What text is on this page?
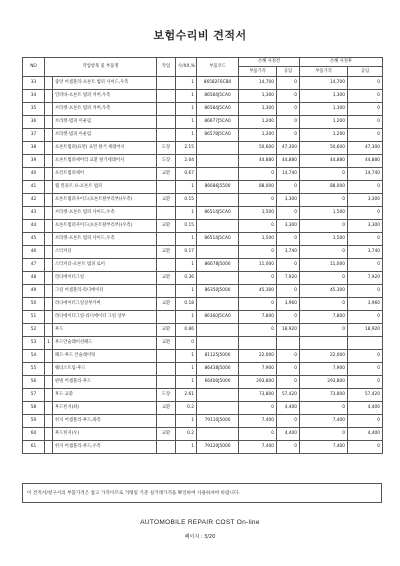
보험수리비 견적서
NO	작업항목 및 부품명		작업	수/XX,%	부품코드	손해 사정전		손해 사정후	
						부품가격	공임	부품가격	공임
33		중앙 어셈블리-프론트 범퍼 사이드,우측		1	86582F6CB0	14,700	0	14,700	0
34		일러바-프론트 범퍼 커버,우측		1	86584J5CA0	1,300	0	1,300	0
35		브라켓-프론트 범퍼 커버,우측		1	86584J5CA0	1,300	0	1,300	0
36		브라켓-범퍼 이운럼		1	86677J5CA0	1,200	0	1,200	0
37		브라켓-범퍼 이운럼		1	86578J5CA0	1,200	0	1,200	0
38		프론트범퍼(표면) 표면 탈거 세레어서	도장	2.15		50,600	47,300	50,600	47,300
39		프론트범퍼세어리 교환 탈거세레어서	도장	2.04		44,880	44,880	44,880	44,880
40		프런트범퍼세어	교환	0.67		0	14,740	0	14,740
41		랩 윈플트 프-프론트 범퍼		1	86686J5500	88,000	0	88,000	0
42		프론트범퍼사이드(프론트탈부리부)(우측)	교환	0.15		0	3,300	0	3,300
43		브라켓-프론트 범퍼 사이드,우측		1	86514J5CA0	1,500	0	1,500	0
44		프론트범퍼사이드(프론트탈부리부)(우측)	교환	0.15		0	3,300	0	3,300
45		브라켓-프론트 범퍼 사이드,우측		1	86514J5CA0	1,500	0	1,500	0
46		스티커더	교환	0.17		0	3,740	0	3,740
47		스티커더-프론트 범퍼 로어		1	86678J5000	11,000	0	11,000	0
48		라디에이터그릴	교환	0.36		0	7,920	0	7,920
49		그릴 어셈블리-라디에이터		1	86350J5000	45,300	0	45,300	0
50		라디에이터그릴상부카버	교환	0.18		0	3,960	0	3,960
51		라디에이터그릴-라디에이터 그릴 상부		1	86360J5CA0	7,800	0	7,800	0
52		후드	교환	0.86		0	18,920	0	18,920
53	1	후드안슐레이션패드	교환	0					
54		패드-후드 안슐레이팅		1	81125J5000	22,000	0	22,000	0
55		웨더스트립-후드		1	86438J5000	7,900	0	7,900	0
56		판넬 어셈블리-후드		1	66400J5000	293,800	0	293,800	0
57		후드 교환	도장	2.61		73,800	57,420	73,800	57,420
58		후드힌지(좌)	교환	0.2		0	4,400	0	4,400
59		힌지 어셈블리-후드,좌측		1	79110J5000	7,400	0	7,400	0
60		후드힌지(우)	교환	0.2		0	4,400	0	4,400
61		힌지 어셈블리-후드,우측		1	79120J5000	7,400	0	7,400	0
이 견적서/청구서의 부품가격은 참고 가격이므로 거래일 기준 실거래가격을 확인하여 사용하셔야 바랍니다.
AUTOMOBILE REPAIR COST On-line
페이지 : 3/20
